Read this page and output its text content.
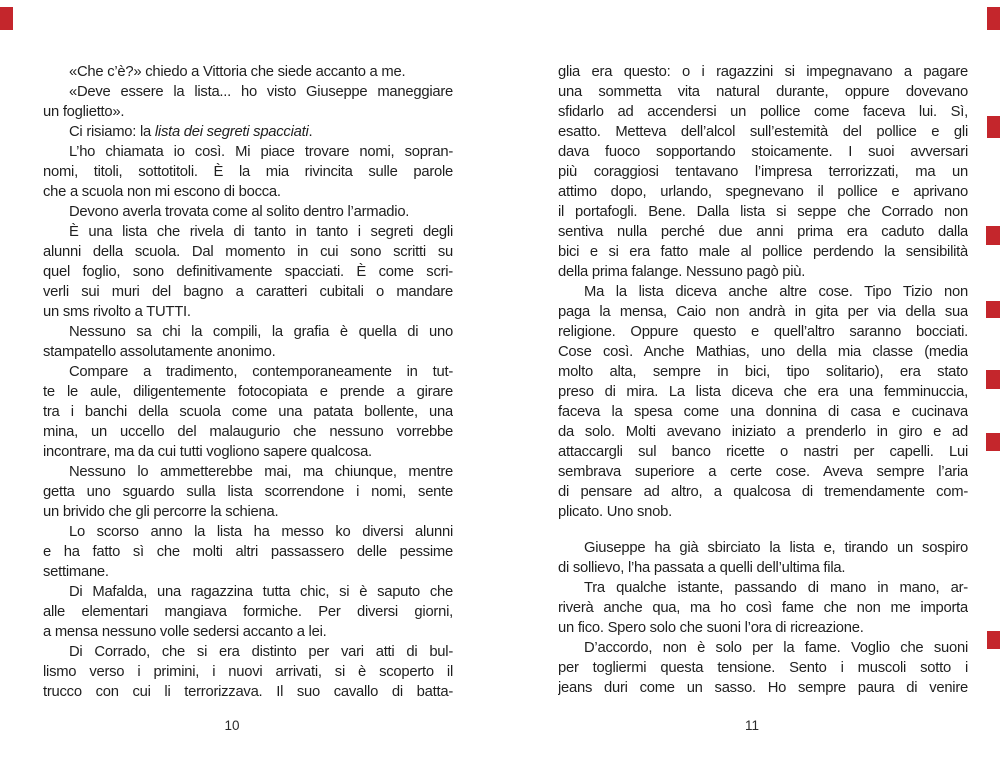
«Che c’è?» chiedo a Vittoria che siede accanto a me.
«Deve essere la lista... ho visto Giuseppe maneggiare
un foglietto».
Ci risiamo: la lista dei segreti spacciati.
L’ho chiamata io così. Mi piace trovare nomi, sopran-
nomi, titoli, sottotitoli. È la mia rivincita sulle parole
che a scuola non mi escono di bocca.
Devono averla trovata come al solito dentro l’armadio.
È una lista che rivela di tanto in tanto i segreti degli
alunni della scuola. Dal momento in cui sono scritti su
quel foglio, sono definitivamente spacciati. È come scri-
verli sui muri del bagno a caratteri cubitali o mandare
un sms rivolto a TUTTI.
Nessuno sa chi la compili, la grafia è quella di uno
stampatello assolutamente anonimo.
Compare a tradimento, contemporaneamente in tut-
te le aule, diligentemente fotocopiata e prende a girare
tra i banchi della scuola come una patata bollente, una
mina, un uccello del malaugurio che nessuno vorrebbe
incontrare, ma da cui tutti vogliono sapere qualcosa.
Nessuno lo ammetterebbe mai, ma chiunque, mentre
getta uno sguardo sulla lista scorrendone i nomi, sente
un brivido che gli percorre la schiena.
Lo scorso anno la lista ha messo ko diversi alunni
e ha fatto sì che molti altri passassero delle pessime
settimane.
Di Mafalda, una ragazzina tutta chic, si è saputo che
alle elementari mangiava formiche. Per diversi giorni,
a mensa nessuno volle sedersi accanto a lei.
Di Corrado, che si era distinto per vari atti di bul-
lismo verso i primini, i nuovi arrivati, si è scoperto il
trucco con cui li terrorizzava. Il suo cavallo di batta-
glia era questo: o i ragazzini si impegnavano a pagare
una sommetta vita natural durante, oppure dovevano
sfidarlo ad accendersi un pollice come faceva lui. Sì,
esatto. Metteva dell’alcol sull’estemità del pollice e gli
dava fuoco sopportando stoicamente. I suoi avversari
più coraggiosi tentavano l’impresa terrorizzati, ma un
attimo dopo, urlando, spegnevano il pollice e aprivano
il portafogli. Bene. Dalla lista si seppe che Corrado non
sentiva nulla perché due anni prima era caduto dalla
bici e si era fatto male al pollice perdendo la sensibilità
della prima falange. Nessuno pagò più.
Ma la lista diceva anche altre cose. Tipo Tizio non
paga la mensa, Caio non andrà in gita per via della sua
religione. Oppure questo e quell’altro saranno bocciati.
Cose così. Anche Mathias, uno della mia classe (media
molto alta, sempre in bici, tipo solitario), era stato
preso di mira. La lista diceva che era una femminuccia,
faceva la spesa come una donnina di casa e cucinava
da solo. Molti avevano iniziato a prenderlo in giro e ad
attaccargli sul banco ricette o nastri per capelli. Lui
sembrava superiore a certe cose. Aveva sempre l’aria
di pensare ad altro, a qualcosa di tremendamente com-
plicato. Uno snob.
Giuseppe ha già sbirciato la lista e, tirando un sospiro
di sollievo, l’ha passata a quelli dell’ultima fila.
Tra qualche istante, passando di mano in mano, ar-
riverà anche qua, ma ho così fame che non me importa
un fico. Spero solo che suoni l’ora di ricreazione.
D’accordo, non è solo per la fame. Voglio che suoni
per togliermi questa tensione. Sento i muscoli sotto i
jeans duri come un sasso. Ho sempre paura di venire
10	11
